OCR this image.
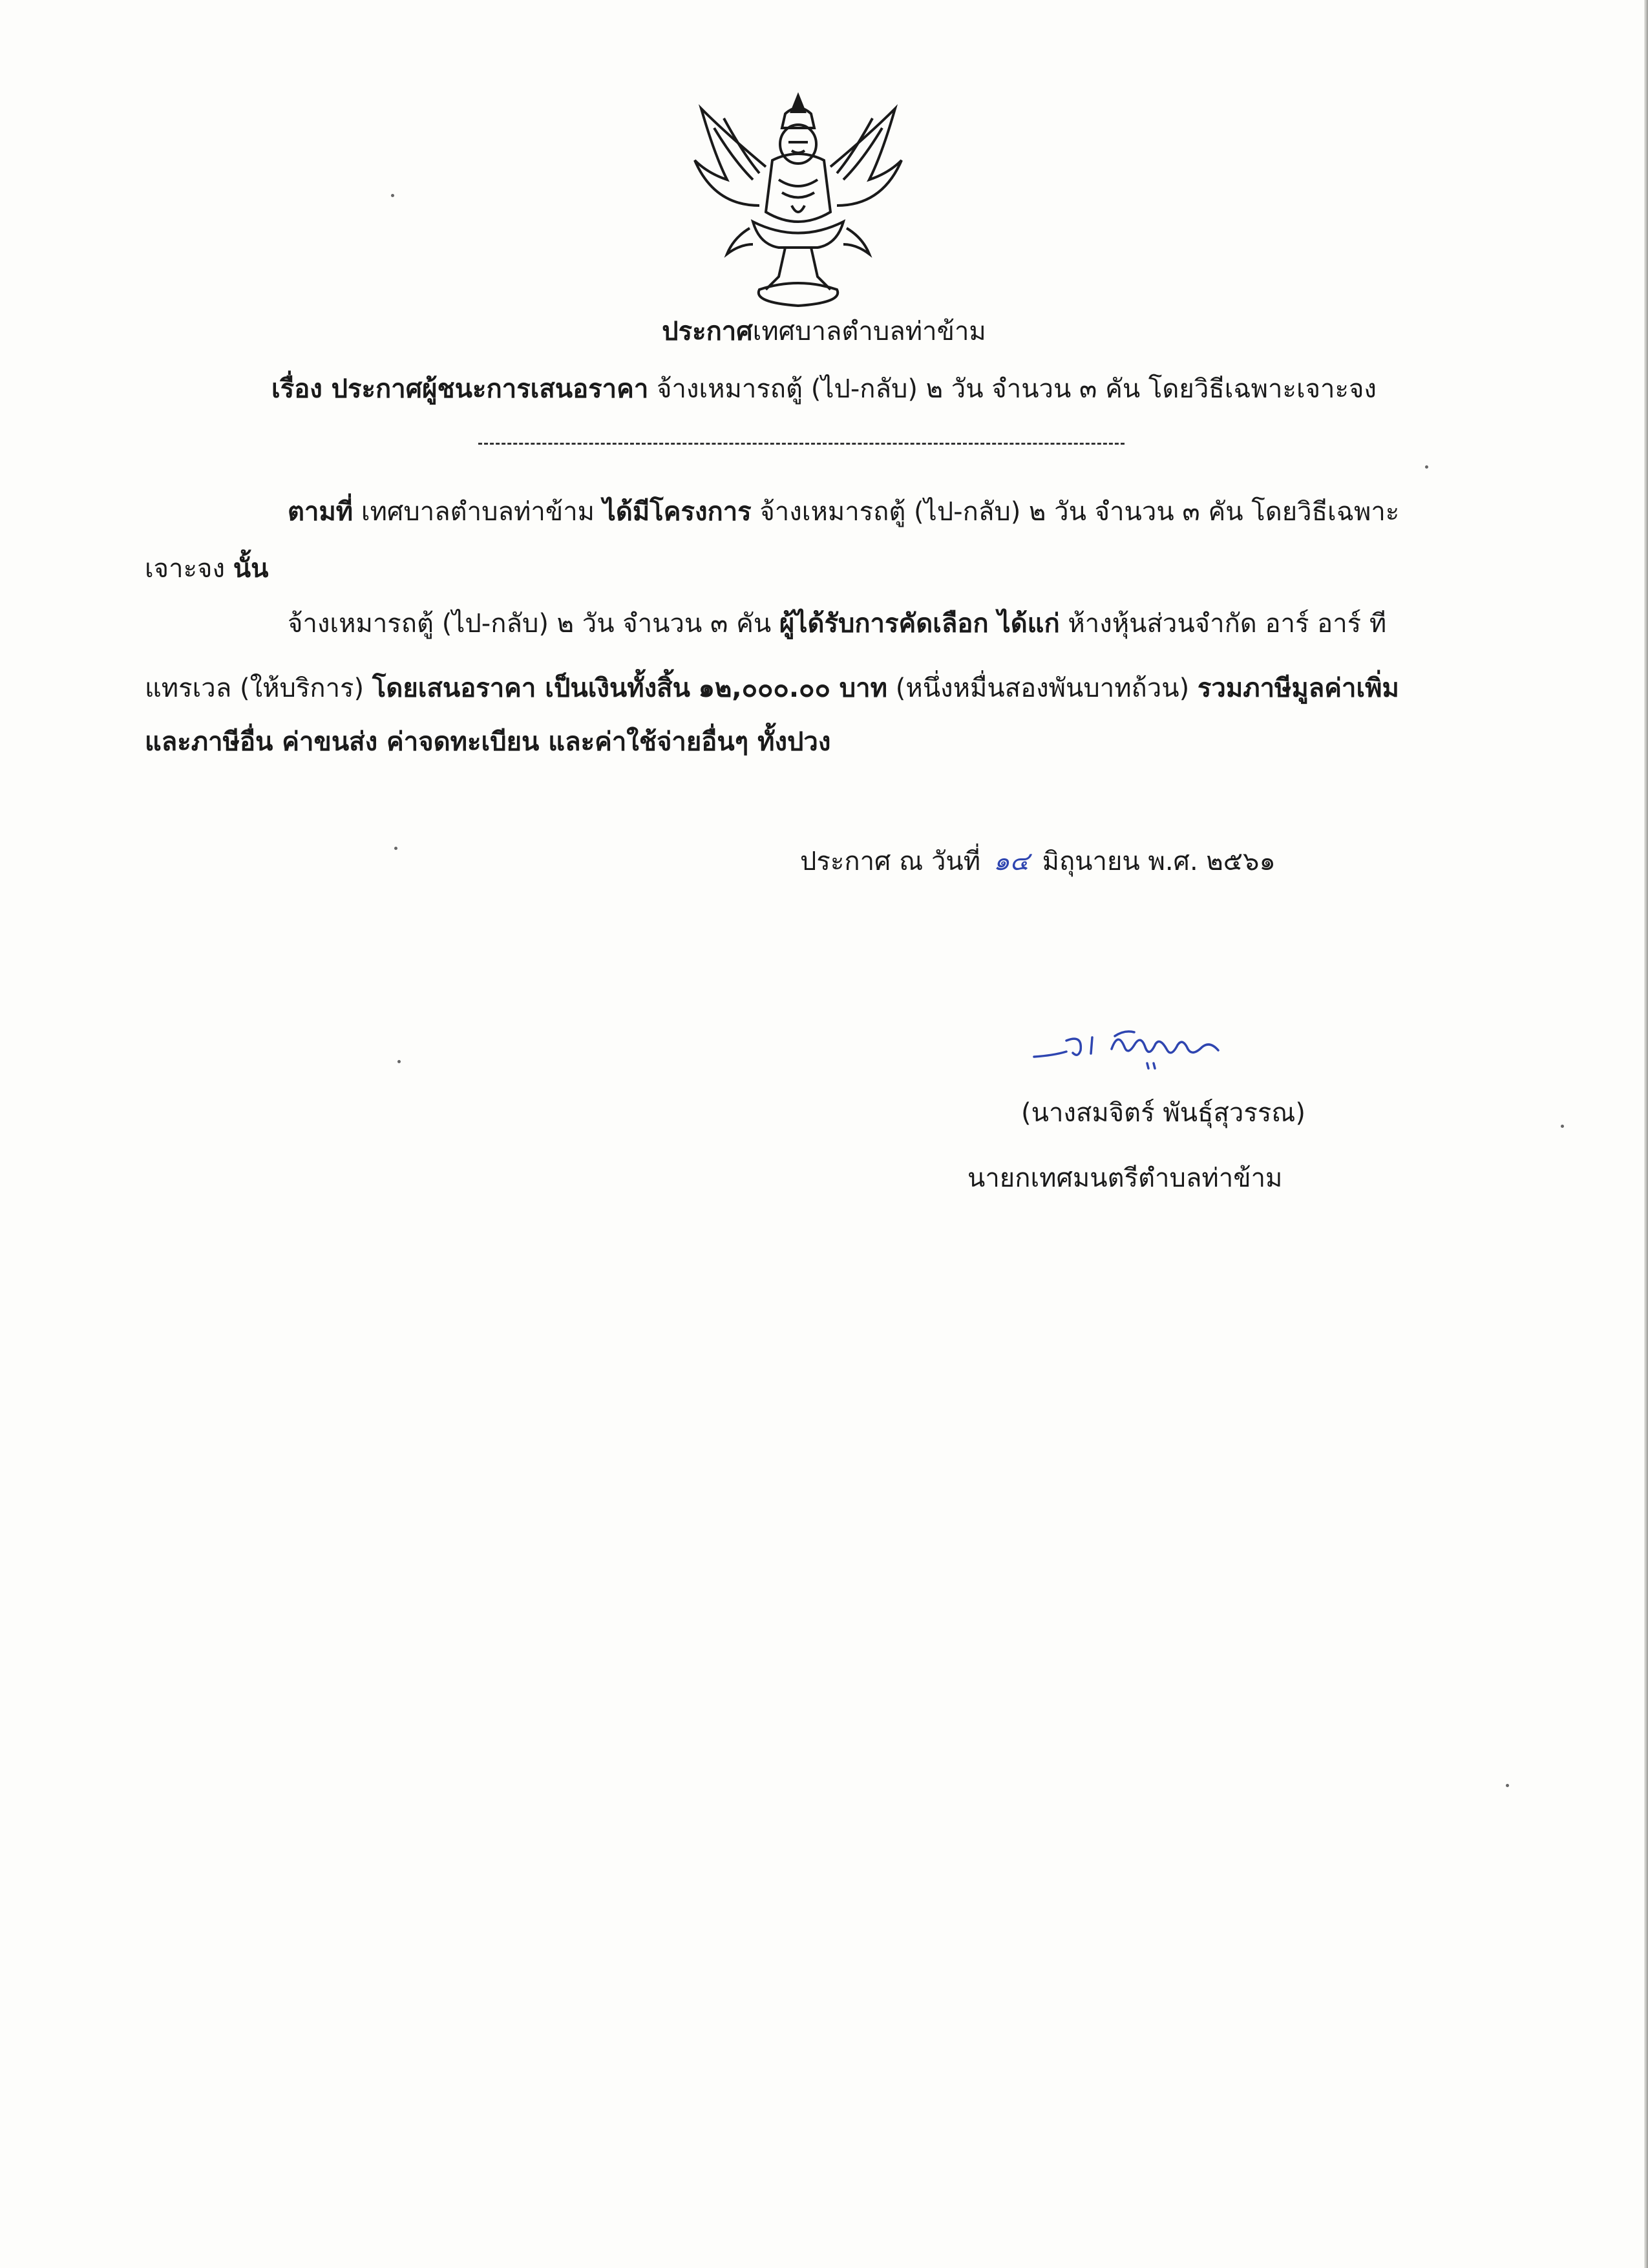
ประกาศเทศบาลตำบลท่าข้าม
เรื่อง ประกาศผู้ชนะการเสนอราคา จ้างเหมารถตู้ (ไป-กลับ) ๒ วัน จำนวน ๓ คัน โดยวิธีเฉพาะเจาะจง
ตามที่ เทศบาลตำบลท่าข้าม ได้มีโครงการ จ้างเหมารถตู้ (ไป-กลับ) ๒ วัน จำนวน ๓ คัน โดยวิธีเฉพาะ
เจาะจง นั้น
จ้างเหมารถตู้ (ไป-กลับ) ๒ วัน จำนวน ๓ คัน ผู้ได้รับการคัดเลือก ได้แก่ ห้างหุ้นส่วนจำกัด อาร์ อาร์ ที
แทรเวล (ให้บริการ) โดยเสนอราคา เป็นเงินทั้งสิ้น ๑๒,๐๐๐.๐๐ บาท (หนึ่งหมื่นสองพันบาทถ้วน) รวมภาษีมูลค่าเพิ่ม
และภาษีอื่น ค่าขนส่ง ค่าจดทะเบียน และค่าใช้จ่ายอื่นๆ ทั้งปวง
ประกาศ ณ วันที่ ๑๔ มิถุนายน พ.ศ. ๒๕๖๑
(นางสมจิตร์ พันธุ์สุวรรณ)
นายกเทศมนตรีตำบลท่าข้าม
